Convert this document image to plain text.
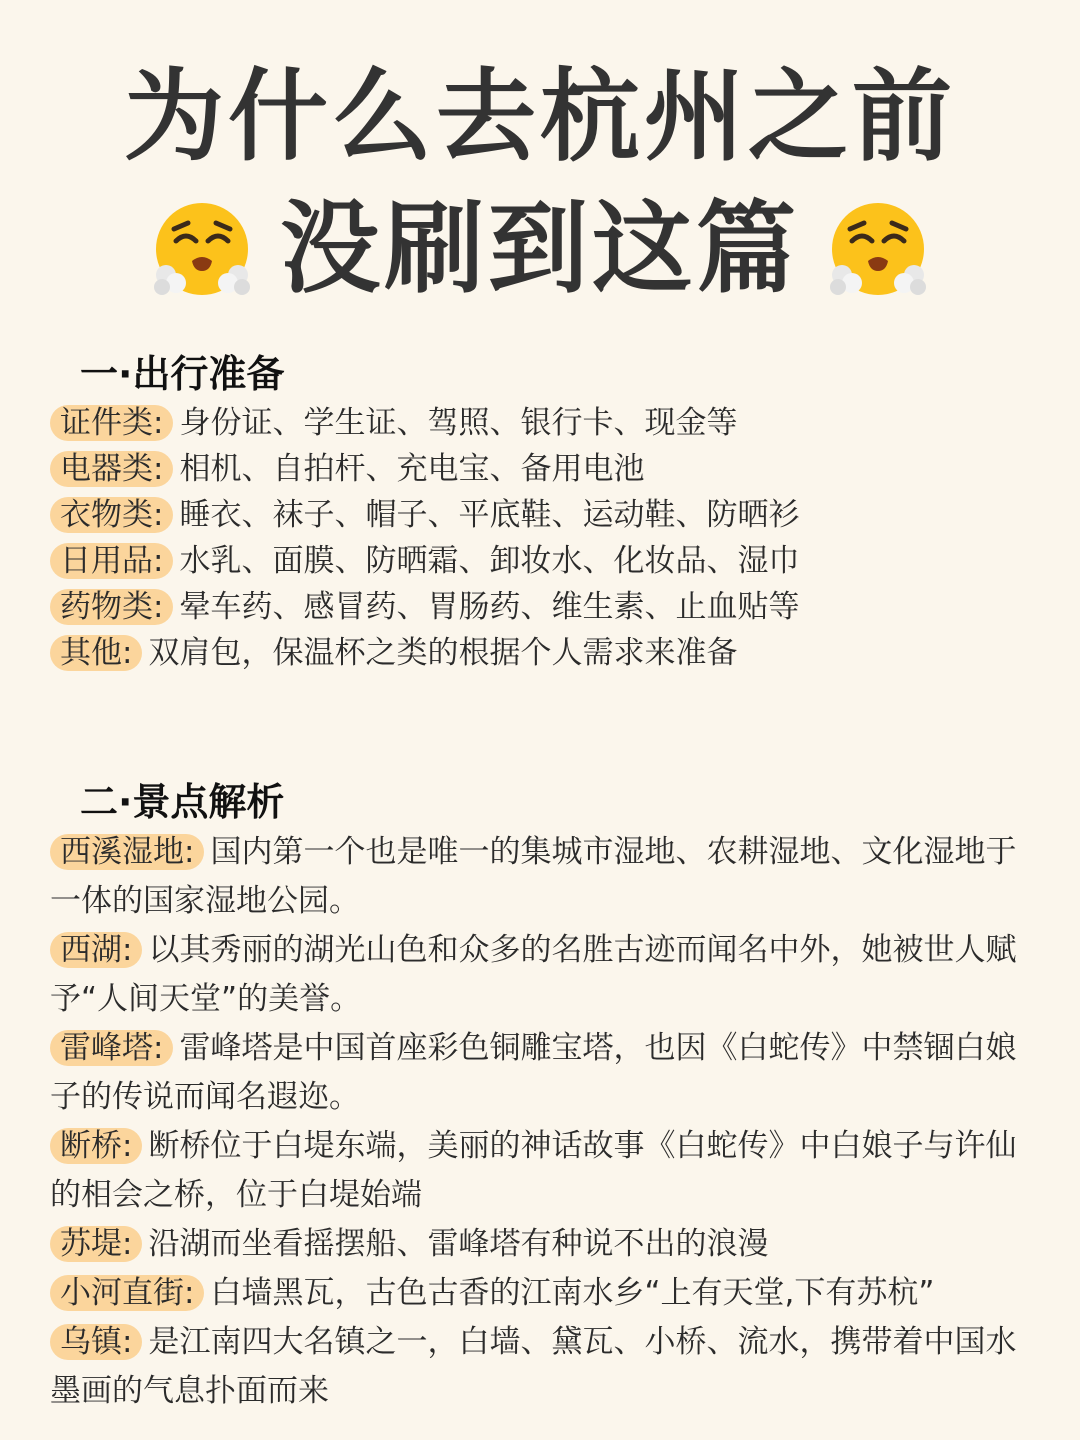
为什么去杭州之前
没刷到这篇
一·出行准备
证件类: 身份证、学生证、驾照、银行卡、现金等
电器类: 相机、自拍杆、充电宝、备用电池
衣物类: 睡衣、袜子、帽子、平底鞋、运动鞋、防晒衫
日用品: 水乳、面膜、防晒霜、卸妆水、化妆品、湿巾
药物类: 晕车药、感冒药、胃肠药、维生素、止血贴等
其他: 双肩包，保温杯之类的根据个人需求来准备
二·景点解析
西溪湿地: 国内第一个也是唯一的集城市湿地、农耕湿地、文化湿地于一体的国家湿地公园。
西湖: 以其秀丽的湖光山色和众多的名胜古迹而闻名中外，她被世人赋予“人间天堂”的美誉。
雷峰塔: 雷峰塔是中国首座彩色铜雕宝塔，也因《白蛇传》中禁锢白娘子的传说而闻名遐迩。
断桥: 断桥位于白堤东端，美丽的神话故事《白蛇传》中白娘子与许仙的相会之桥，位于白堤始端
苏堤: 沿湖而坐看摇摆船、雷峰塔有种说不出的浪漫
小河直街: 白墙黑瓦，古色古香的江南水乡“上有天堂,下有苏杭”
乌镇: 是江南四大名镇之一，白墙、黛瓦、小桥、流水，携带着中国水墨画的气息扑面而来
